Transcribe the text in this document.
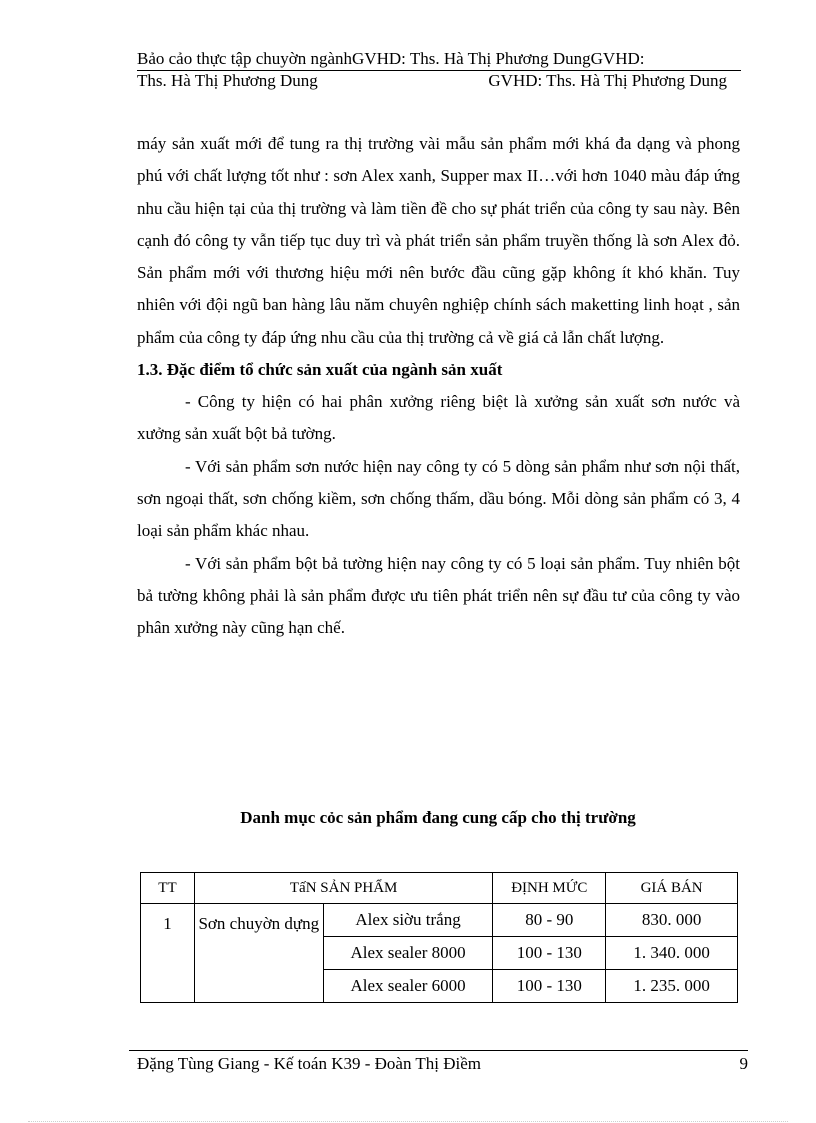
Bảo cảo thực tập chuyờn ngànhGVHD: Ths. Hà Thị Phương DungGVHD:
Ths. Hà Thị Phương Dung	GVHD: Ths. Hà Thị Phương Dung

máy sản xuất mới để tung ra thị trường vài mẫu sản phẩm mới khá đa dạng và phong phú với chất lượng tốt như : sơn Alex xanh, Supper max II…với hơn 1040 màu đáp ứng nhu cầu hiện tại của thị trường và làm tiền đề cho sự phát triển của công ty sau này. Bên cạnh đó công ty vẫn tiếp tục duy trì và phát triển sản phẩm truyền thống là sơn Alex đỏ. Sản phẩm mới với thương hiệu mới nên bước đầu cũng gặp không ít khó khăn. Tuy nhiên với đội ngũ ban hàng lâu năm chuyên nghiệp chính sách maketting linh hoạt , sản phẩm của công ty đáp ứng nhu cầu của thị trường cả về giá cả lẫn chất lượng.

1.3. Đặc điểm tổ chức sản xuất của ngành sản xuất

- Công ty hiện có hai phân xưởng riêng biệt là xưởng sản xuất sơn nước và xưởng sản xuất bột bả tường.

- Với sản phẩm sơn nước hiện nay công ty có 5 dòng sản phẩm như sơn nội thất, sơn ngoại thất, sơn chống kiềm, sơn chống thấm, dầu bóng. Mỗi dòng sản phẩm có 3, 4 loại sản phẩm khác nhau.

- Với sản phẩm bột bả tường hiện nay công ty có 5 loại sản phẩm. Tuy nhiên bột bả tường không phải là sản phẩm được ưu tiên phát triển nên sự đầu tư của công ty vào phân xưởng này cũng hạn chế.

Danh mục cỏc sản phẩm đang cung cấp cho thị trường
TT	TấN SẢN PHẨM		ĐỊNH MỨC	GIÁ BÁN
1	Sơn chuyờn dựng	Alex siờu trắng	80 - 90	830. 000
		Alex sealer 8000	100 - 130	1. 340. 000
		Alex sealer 6000	100 - 130	1. 235. 000
Đặng Tùng Giang - Kế toán K39 - Đoàn Thị Điềm	9
